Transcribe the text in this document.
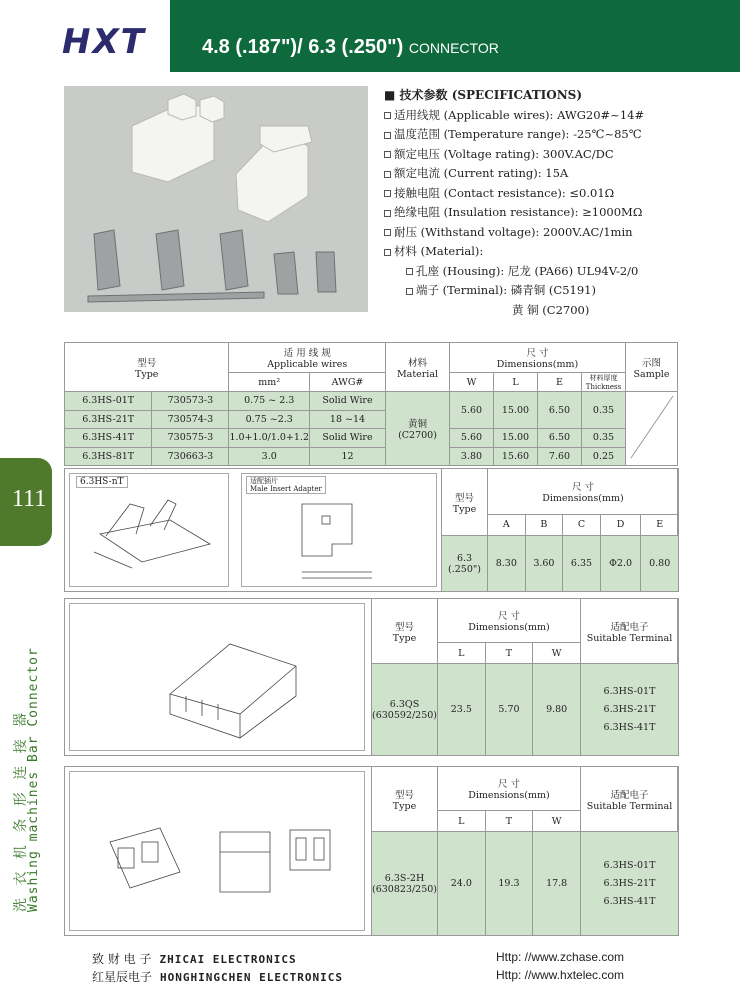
HXT	4.8 (.187")/ 6.3 (.250") CONNECTOR
■ 技术参数 (SPECIFICATIONS)
适用线规 (Applicable wires): AWG20#~14#
温度范围 (Temperature range): -25℃~85℃
额定电压 (Voltage rating): 300V.AC/DC
额定电流 (Current rating): 15A
接触电阻 (Contact resistance): ≤0.01Ω
绝缘电阻 (Insulation resistance): ≥1000MΩ
耐压 (Withstand voltage): 2000V.AC/1min
材料 (Material):
孔座 (Housing): 尼龙 (PA66) UL94V-2/0
端子 (Terminal): 磷青铜 (C5191)
黄 铜 (C2700)
型号
Type		适 用 线 规
Applicable wires		材料
Material	尺 寸
Dimensions(mm)				示图
Sample
		mm²	AWG#		W	L	E	材料厚度
Thickness	
6.3HS-01T	730573-3	0.75 ~ 2.3	Solid Wire	黄铜
(C2700)	5.60	15.00	6.50	0.35	
6.3HS-21T	730574-3	0.75 ~2.3	18 ~14						
6.3HS-41T	730575-3	1.0+1.0/1.0+1.2	Solid Wire		5.60	15.00	6.50	0.35	
6.3HS-81T	730663-3	3.0	12		3.80	15.60	7.60	0.25	
111
洗 衣 机 条 形 连 接 器
Washing machines Bar Connector
6.3HS-nT	适配插片
Male Insert Adapter
型号
Type	尺 寸
Dimensions(mm)				
	A	B	C	D	E
6.3
(.250")	8.30	3.60	6.35	Φ2.0	0.80
型号
Type	尺 寸
Dimensions(mm)			适配电子
Suitable Terminal
	L	T	W	
6.3QS
(630592/250)	23.5	5.70	9.80	6.3HS-01T
6.3HS-21T
6.3HS-41T
型号
Type	尺 寸
Dimensions(mm)			适配电子
Suitable Terminal
	L	T	W	
6.3S-2H
(630823/250)	24.0	19.3	17.8	6.3HS-01T
6.3HS-21T
6.3HS-41T
致 财 电 子 ZHICAI ELECTRONICS	Http: //www.zchase.com
红星辰电子 HONGHINGCHEN ELECTRONICS	Http: //www.hxtelec.com
